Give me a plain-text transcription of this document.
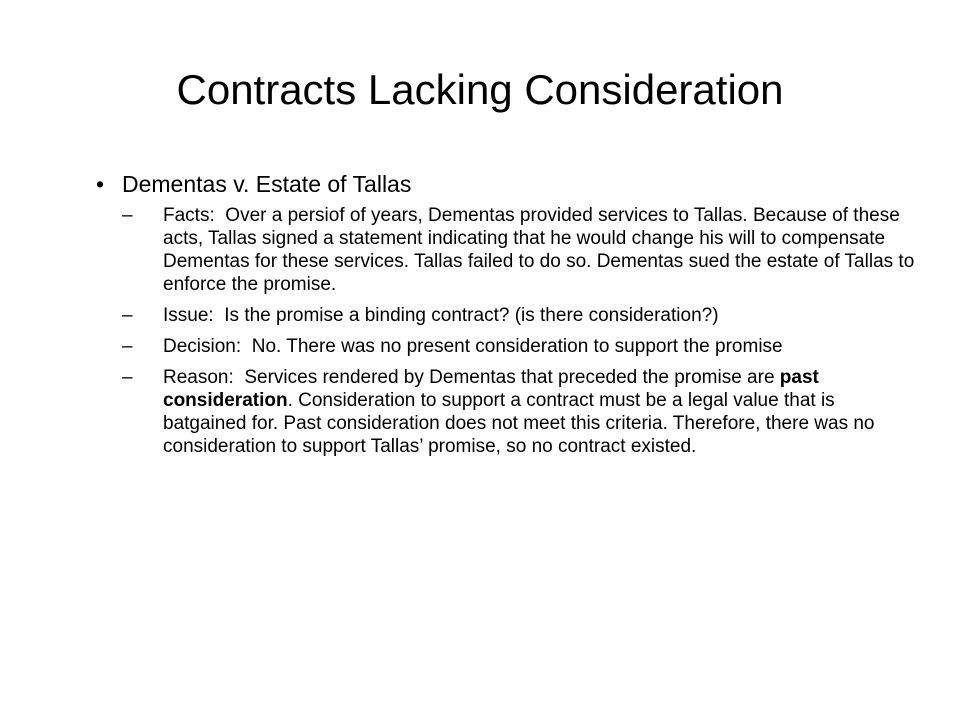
Contracts Lacking Consideration
• Dementas v. Estate of Tallas
– Facts: Over a persiof of years, Dementas provided services to Tallas. Because of these acts, Tallas signed a statement indicating that he would change his will to compensate Dementas for these services. Tallas failed to do so. Dementas sued the estate of Tallas to enforce the promise.
– Issue: Is the promise a binding contract? (is there consideration?)
– Decision: No. There was no present consideration to support the promise
– Reason: Services rendered by Dementas that preceded the promise are past consideration. Consideration to support a contract must be a legal value that is batgained for. Past consideration does not meet this criteria. Therefore, there was no consideration to support Tallas’ promise, so no contract existed.
